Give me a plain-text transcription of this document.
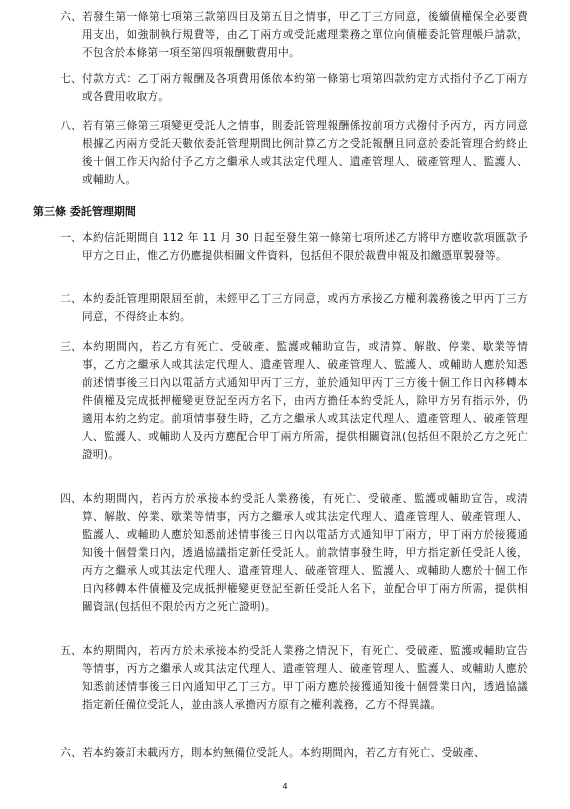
六、 若發生第一條第七項第三款第四目及第五目之情事，甲乙丁三方同意，後續債權保全必要費用支出，如強制執行規費等，由乙丁兩方或受託處理業務之單位向債權委託管理帳戶請款，不包含於本條第一項至第四項報酬數費用中。
七、 付款方式：乙丁兩方報酬及各項費用係依本約第一條第七項第四款約定方式指付予乙丁兩方或各費用收取方。
八、 若有第三條第三項變更受託人之情事，則委託管理報酬係按前項方式撥付予丙方，丙方同意根據乙丙兩方受託天數依委託管理期間比例計算乙方之受託報酬且同意於委託管理合約終止後十個工作天內給付予乙方之繼承人或其法定代理人、遺產管理人、破產管理人、監護人、或輔助人。
第三條 委託管理期間
一、 本約信託期間自 112 年 11 月 30 日起至發生第一條第七項所述乙方將甲方應收款項匯款予甲方之日止，惟乙方仍應提供相關文件資料，包括但不限於裁費申報及扣繳憑單製發等。
二、 本約委託管理期限屆至前，未經甲乙丁三方同意，或丙方承接乙方權利義務後之甲丙丁三方同意，不得終止本約。
三、 本約期間內，若乙方有死亡、受破產、監護或輔助宣告，或清算、解散、停業、歇業等情事，乙方之繼承人或其法定代理人、遺產管理人、破產管理人、監護人、或輔助人應於知悉前述情事後三日內以電話方式通知甲丙丁三方，並於通知甲丙丁三方後十個工作日內移轉本件債權及完成抵押權變更登記至丙方名下，由丙方擔任本約受託人，除甲方另有指示外，仍適用本約之約定。前項情事發生時，乙方之繼承人或其法定代理人、遺產管理人、破產管理人、監護人、或輔助人及丙方應配合甲丁兩方所需，提供相關資訊(包括但不限於乙方之死亡證明)。
四、 本約期間內，若丙方於承接本約受託人業務後，有死亡、受破產、監護或輔助宣告，或清算、解散、停業、歇業等情事，丙方之繼承人或其法定代理人、遺產管理人、破產管理人、監護人、或輔助人應於知悉前述情事後三日內以電話方式通知甲丁兩方，甲丁兩方於接獲通知後十個營業日內，透過協議指定新任受託人。前款情事發生時，甲方指定新任受託人後，丙方之繼承人或其法定代理人、遺產管理人、破產管理人、監護人、或輔助人應於十個工作日內移轉本件債權及完成抵押權變更登記至新任受託人名下，並配合甲丁兩方所需，提供相關資訊(包括但不限於丙方之死亡證明)。
五、 本約期間內，若丙方於未承接本約受託人業務之情況下，有死亡、受破產、監護或輔助宣告等情事，丙方之繼承人或其法定代理人、遺產管理人、破產管理人、監護人、或輔助人應於知悉前述情事後三日內通知甲乙丁三方。甲丁兩方應於接獲通知後十個營業日內，透過協議指定新任備位受託人，並由該人承擔丙方原有之權利義務，乙方不得異議。
六、 若本約簽訂未載丙方，則本約無備位受託人。本約期間內，若乙方有死亡、受破產、
4
